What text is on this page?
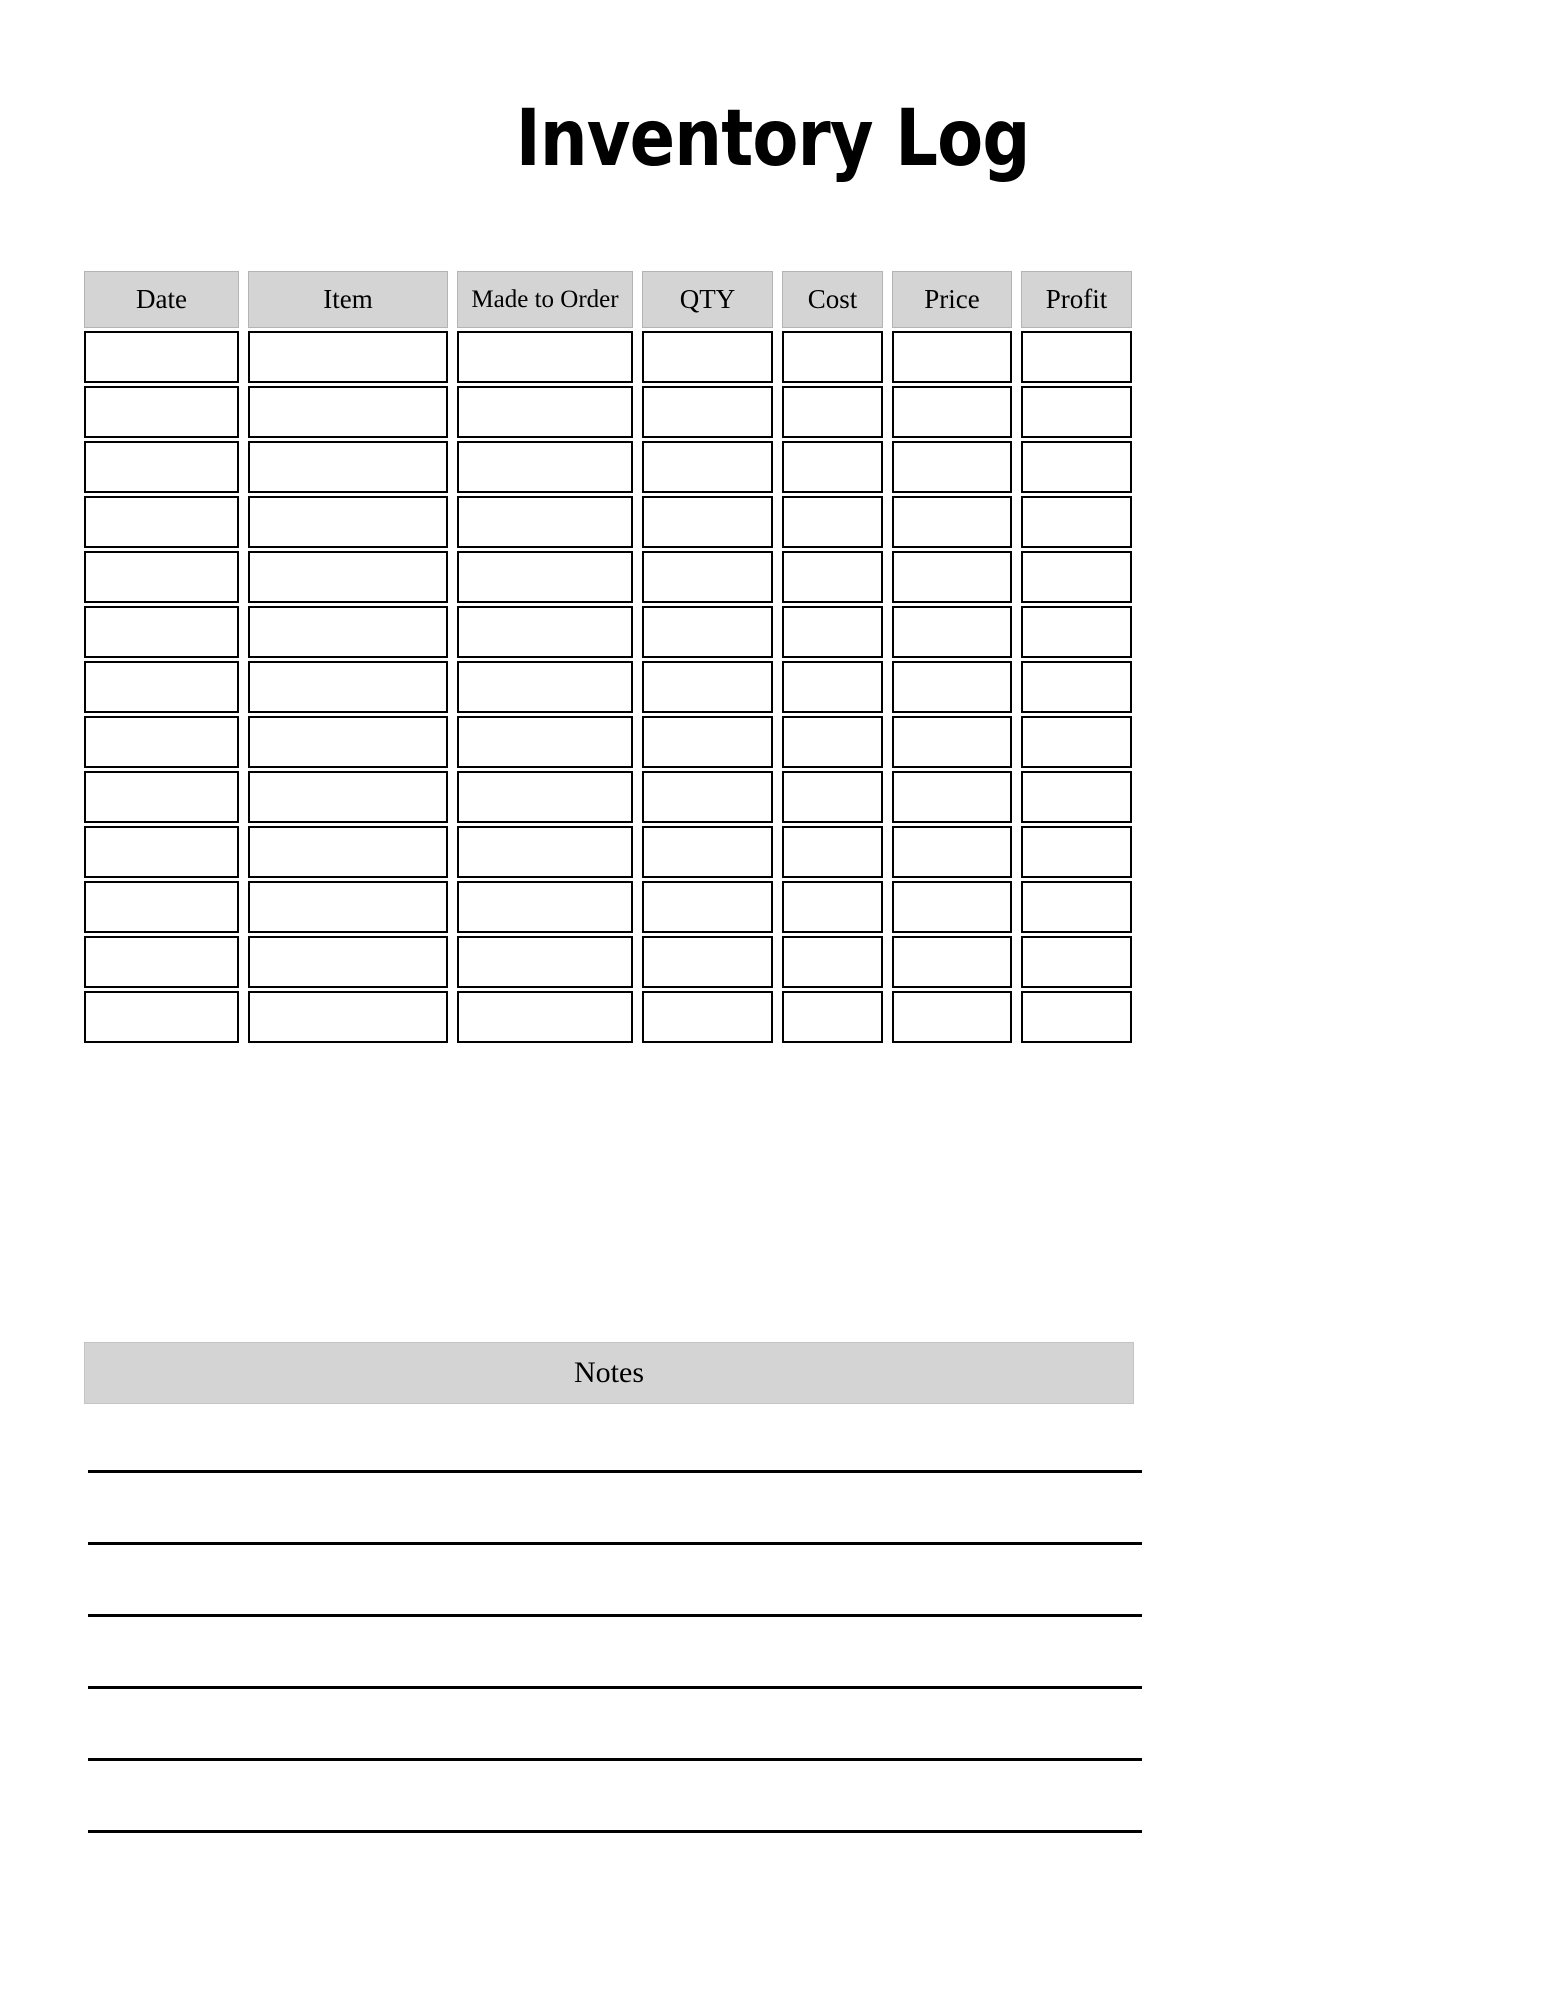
Inventory Log
Date	Item	Made to Order	QTY	Cost	Price	Profit
Notes
